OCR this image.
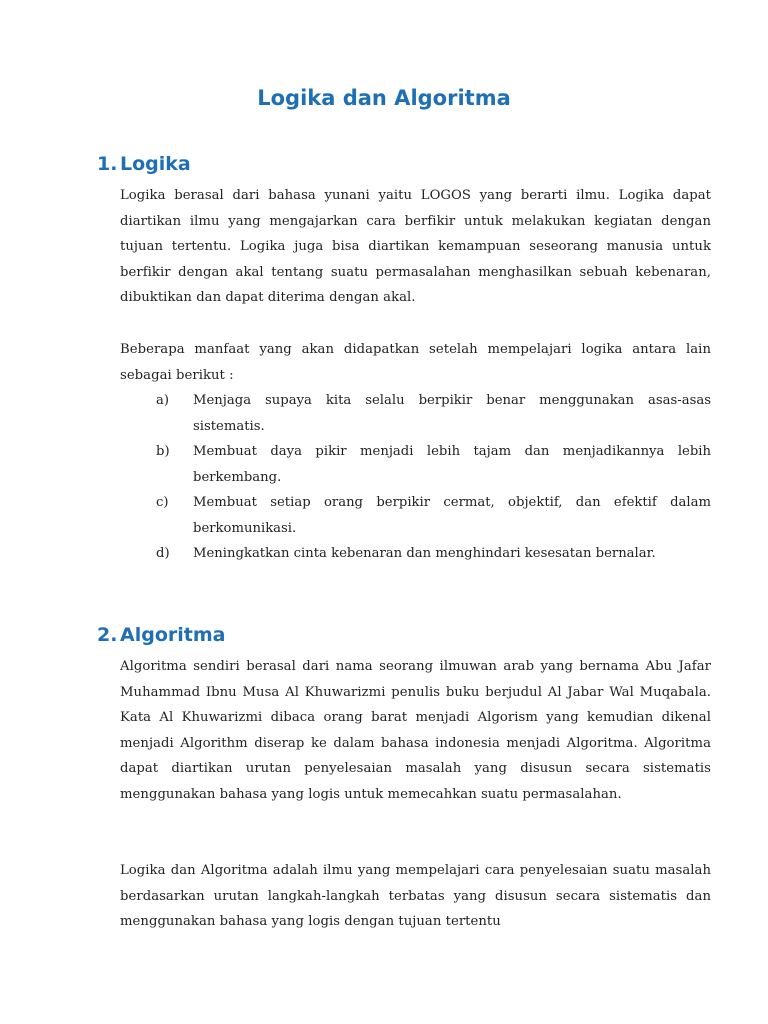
Logika dan Algoritma
1. Logika

Logika berasal dari bahasa yunani yaitu LOGOS yang berarti ilmu. Logika dapat diartikan ilmu yang mengajarkan cara berfikir untuk melakukan kegiatan dengan tujuan tertentu. Logika juga bisa diartikan kemampuan seseorang manusia untuk berfikir dengan akal tentang suatu permasalahan menghasilkan sebuah kebenaran, dibuktikan dan dapat diterima dengan akal.

Beberapa manfaat yang akan didapatkan setelah mempelajari logika antara lain sebagai berikut :

a)	Menjaga supaya kita selalu berpikir benar menggunakan asas-asas sistematis.
b)	Membuat daya pikir menjadi lebih tajam dan menjadikannya lebih berkembang.
c)	Membuat setiap orang berpikir cermat, objektif, dan efektif dalam berkomunikasi.
d)	Meningkatkan cinta kebenaran dan menghindari kesesatan bernalar.
2. Algoritma

Algoritma sendiri berasal dari nama seorang ilmuwan arab yang bernama Abu Jafar Muhammad Ibnu Musa Al Khuwarizmi penulis buku berjudul Al Jabar Wal Muqabala. Kata Al Khuwarizmi dibaca orang barat menjadi Algorism yang kemudian dikenal menjadi Algorithm diserap ke dalam bahasa indonesia menjadi Algoritma. Algoritma dapat diartikan urutan penyelesaian masalah yang disusun secara sistematis menggunakan bahasa yang logis untuk memecahkan suatu permasalahan.

Logika dan Algoritma adalah ilmu yang mempelajari cara penyelesaian suatu masalah berdasarkan urutan langkah-langkah terbatas yang disusun secara sistematis dan menggunakan bahasa yang logis dengan tujuan tertentu
